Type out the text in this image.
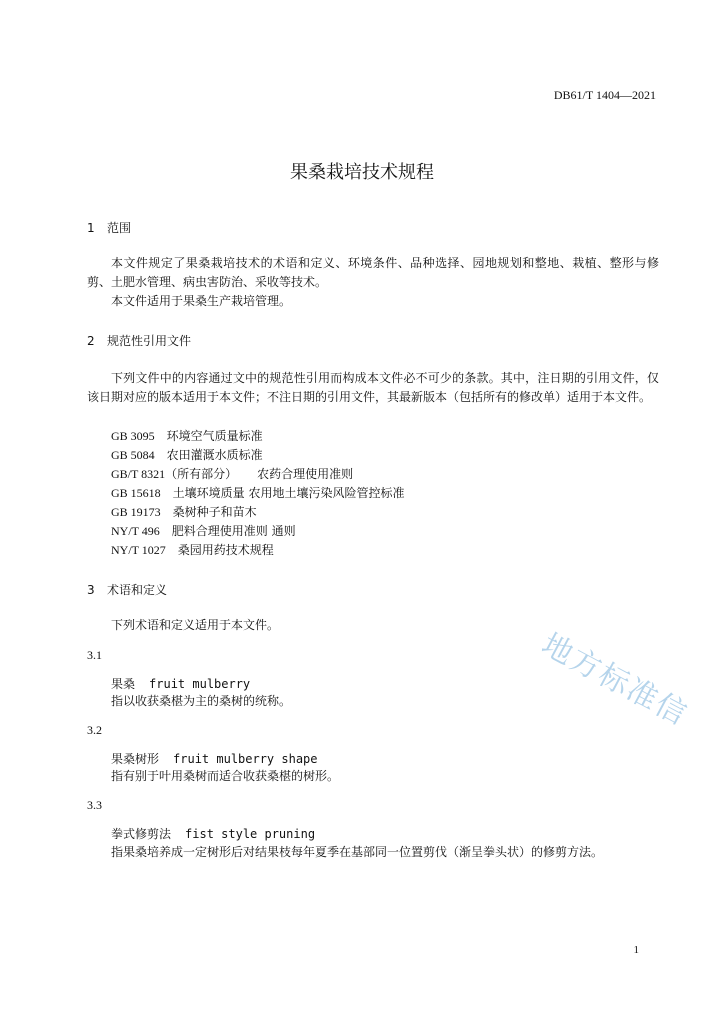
DB61/T 1404—2021
果桑栽培技术规程
1 范围

本文件规定了果桑栽培技术的术语和定义、环境条件、品种选择、园地规划和整地、栽植、整形与修剪、土肥水管理、病虫害防治、采收等技术。

本文件适用于果桑生产栽培管理。

2 规范性引用文件

下列文件中的内容通过文中的规范性引用而构成本文件必不可少的条款。其中，注日期的引用文件，仅该日期对应的版本适用于本文件；不注日期的引用文件，其最新版本（包括所有的修改单）适用于本文件。

GB 3095 环境空气质量标准
GB 5084 农田灌溉水质标准
GB/T 8321（所有部分） 农药合理使用准则
GB 15618 土壤环境质量 农用地土壤污染风险管控标准
GB 19173 桑树种子和苗木
NY/T 496 肥料合理使用准则 通则
NY/T 1027 桑园用药技术规程
3 术语和定义

下列术语和定义适用于本文件。

3.1
果桑 fruit mulberry
指以收获桑椹为主的桑树的统称。
3.2
果桑树形 fruit mulberry shape
指有别于叶用桑树而适合收获桑椹的树形。
3.3
拳式修剪法 fist style pruning
指果桑培养成一定树形后对结果枝每年夏季在基部同一位置剪伐（渐呈拳头状）的修剪方法。
1
地方标准信
